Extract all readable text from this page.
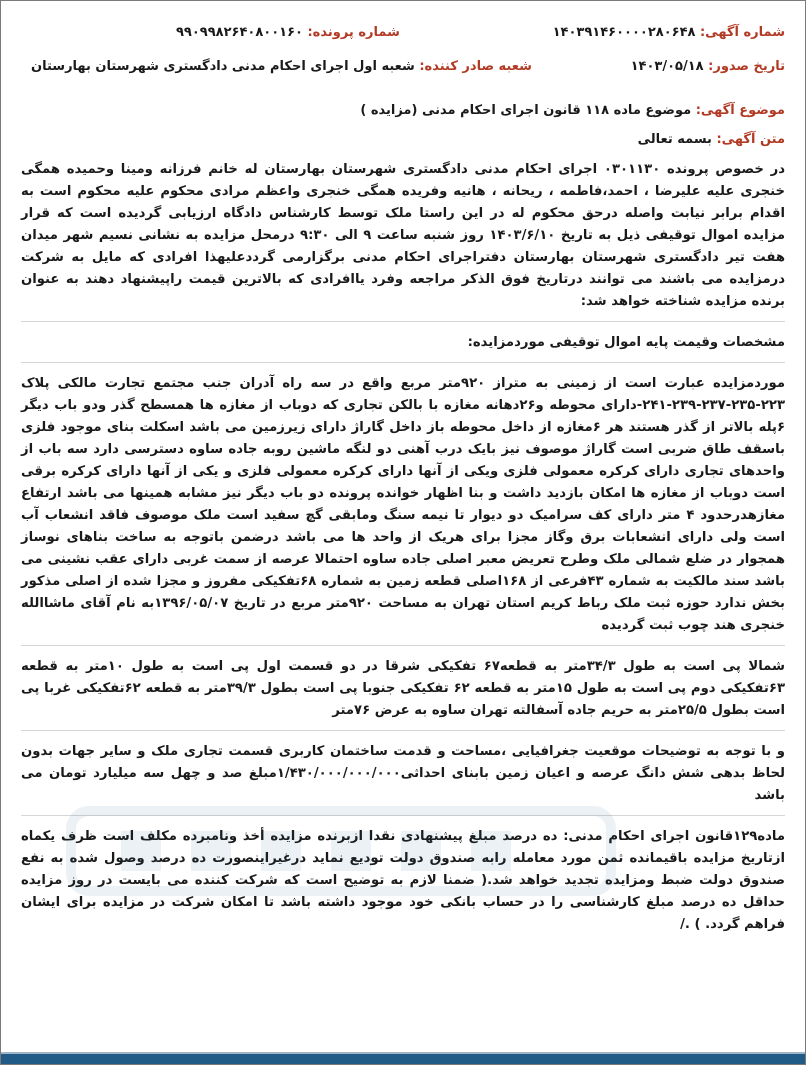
شماره آگهی: ۱۴۰۳۹۱۴۶۰۰۰۰۲۸۰۶۴۸
شماره پرونده: ۹۹۰۹۹۸۲۶۴۰۸۰۰۱۶۰
تاریخ صدور: ۱۴۰۳/۰۵/۱۸
شعبه صادر کننده: شعبه اول اجرای احکام مدنی دادگستری شهرستان بهارستان
موضوع آگهی: موضوع ماده ۱۱۸ قانون اجرای احکام مدنی (مزایده )
متن آگهی: بسمه تعالی
در خصوص پرونده ۰۳۰۱۱۳۰ اجرای احکام مدنی دادگستری شهرستان بهارستان له خانم فرزانه ومینا وحمیده همگی خنجری علیه علیرضا ، احمد،فاطمه ، ریحانه ، هانیه وفریده همگی خنجری واعظم مرادی محکوم علیه محکوم است به اقدام برابر نیابت واصله درحق محکوم له در این راستا ملک توسط کارشناس دادگاه ارزیابی گردیده است که قرار مزایده اموال توقیفی ذیل به تاریخ ۱۴۰۳/۶/۱۰ روز شنبه ساعت ۹ الی ۹:۳۰ درمحل مزایده به نشانی نسیم شهر میدان هفت تیر دادگستری شهرستان بهارستان دفتراجرای احکام مدنی برگزارمی گردد‌علیهذا افرادی که مایل به شرکت درمزایده می باشند می توانند درتاریخ فوق الذکر مراجعه وفرد یاافرادی که بالاترین قیمت راپیشنهاد دهند به عنوان برنده مزایده شناخته خواهد شد:
مشخصات وقیمت پایه اموال توقیفی موردمزایده:
موردمزایده عبارت است از زمینی به متراز ۹۲۰متر مربع واقع در سه راه آدران جنب مجتمع تجارت مالکی پلاک ۲۲۳-۲۳۵-۲۳۷-۲۳۹-۲۴۱-دارای محوطه و۲۶دهانه مغازه با بالکن تجاری که دوباب از مغازه ها همسطح گذر ودو باب دیگر ۶پله بالاتر از گذر هستند هر ۶مغازه از داخل محوطه باز داخل گاراژ دارای زیرزمین می باشد اسکلت بنای موجود فلزی باسقف طاق ضربی است گاراژ موصوف نیز بایک درب آهنی دو لنگه ماشین روبه جاده ساوه دسترسی دارد سه باب از واحدهای تجاری دارای کرکره معمولی فلزی ویکی از آنها دارای کرکره معمولی فلزی و یکی از آنها دارای کرکره برقی است دوباب از مغازه ها امکان بازدید داشت و بنا اظهار خوانده پرونده دو باب دیگر نیز مشابه همینها می باشد ارتفاع مغازهدرحدود ۴ متر دارای کف سرامیک دو دیوار تا نیمه سنگ ومابقی گچ سفید است ملک موصوف فاقد انشعاب آب است ولی دارای انشعابات برق وگاز مجزا برای هریک از واحد ها می باشد درضمن باتوجه به ساخت بناهای نوساز همجوار در ضلع شمالی ملک وطرح تعریض معبر اصلی جاده ساوه احتمالا عرصه از سمت غربی دارای عقب نشینی می باشد سند مالکیت به شماره ۴۳فرعی از ۱۶۸اصلی قطعه زمین به شماره ۶۸تفکیکی مفروز و مجزا شده از اصلی مذکور بخش ندارد حوزه ثبت ملک رباط کریم استان تهران به مساحت ۹۲۰متر مربع در تاریخ ۱۳۹۶/۰۵/۰۷به نام آقای ماشاالله خنجری هند چوب ثبت گردیده
شمالا پی است به طول ۳۴/۳متر به قطعه۶۷ تفکیکی شرقا در دو قسمت اول پی است به طول ۱۰متر به قطعه ۶۳تفکیکی دوم پی است به طول ۱۵متر به قطعه ۶۲ تفکیکی جنوبا پی است بطول ۳۹/۳متر به قطعه ۶۲تفکیکی غربا پی است بطول ۲۵/۵متر به حریم جاده آسفالته تهران ساوه به عرض ۷۶متر
و با توجه به توضیحات موقعیت جغرافیایی ،مساحت و قدمت ساختمان کاربری قسمت تجاری ملک و سایر جهات بدون لحاظ بدهی شش دانگ عرصه و اعیان زمین بابنای احداثی۱/۴۳۰/۰۰۰/۰۰۰/۰۰۰مبلغ صد و چهل سه میلیارد تومان می باشد
ماده۱۲۹قانون اجرای احکام مدنی: ده درصد مبلغ پیشنهادی نقدا ازبرنده مزایده أخذ ونامبرده مکلف است ظرف یکماه ازتاریخ مزایده باقیمانده ثمن مورد معامله رابه صندوق دولت تودیع نماید درغیراینصورت ده درصد وصول شده به نفع صندوق دولت ضبط ومزایده تجدید خواهد شد.( ضمنا لازم به توضیح است که شرکت کننده می بایست در روز مزایده حداقل ده درصد مبلغ کارشناسی را در حساب بانکی خود موجود داشته باشد تا امکان شرکت در مزایده برای ایشان فراهم گردد. ) ./
